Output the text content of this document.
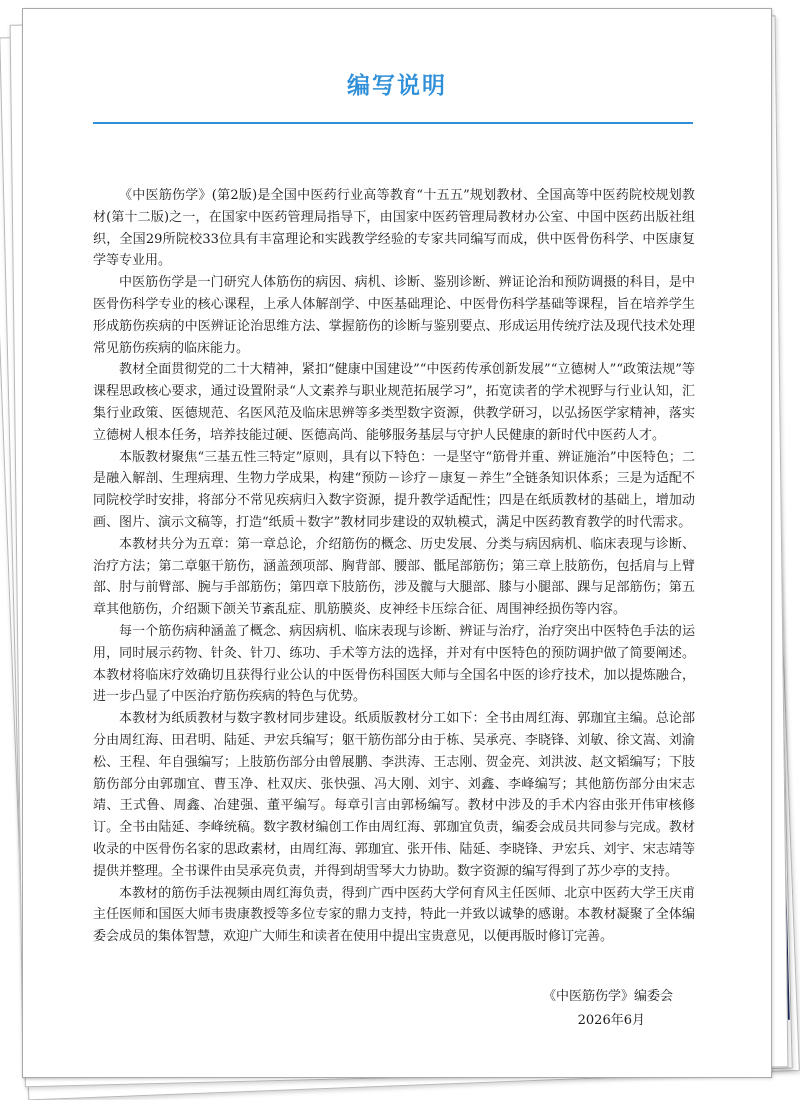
编写说明

《中医筋伤学》(第2版)是全国中医药行业高等教育“十五五”规划教材、全国高等中医药院校规划教材(第十二版)之一，在国家中医药管理局指导下，由国家中医药管理局教材办公室、中国中医药出版社组织，全国29所院校33位具有丰富理论和实践教学经验的专家共同编写而成，供中医骨伤科学、中医康复学等专业用。

中医筋伤学是一门研究人体筋伤的病因、病机、诊断、鉴别诊断、辨证论治和预防调摄的科目，是中医骨伤科学专业的核心课程，上承人体解剖学、中医基础理论、中医骨伤科学基础等课程，旨在培养学生形成筋伤疾病的中医辨证论治思维方法、掌握筋伤的诊断与鉴别要点、形成运用传统疗法及现代技术处理常见筋伤疾病的临床能力。

教材全面贯彻党的二十大精神，紧扣“健康中国建设”“中医药传承创新发展”“立德树人”“政策法规”等课程思政核心要求，通过设置附录“人文素养与职业规范拓展学习”，拓宽读者的学术视野与行业认知，汇集行业政策、医德规范、名医风范及临床思辨等多类型数字资源，供教学研习，以弘扬医学家精神，落实立德树人根本任务，培养技能过硬、医德高尚、能够服务基层与守护人民健康的新时代中医药人才。

本版教材聚焦“三基五性三特定”原则，具有以下特色：一是坚守“筋骨并重、辨证施治”中医特色；二是融入解剖、生理病理、生物力学成果，构建“预防－诊疗－康复－养生”全链条知识体系；三是为适配不同院校学时安排，将部分不常见疾病归入数字资源，提升教学适配性；四是在纸质教材的基础上，增加动画、图片、演示文稿等，打造“纸质＋数字”教材同步建设的双轨模式，满足中医药教育教学的时代需求。

本教材共分为五章：第一章总论，介绍筋伤的概念、历史发展、分类与病因病机、临床表现与诊断、治疗方法；第二章躯干筋伤，涵盖颈项部、胸背部、腰部、骶尾部筋伤；第三章上肢筋伤，包括肩与上臂部、肘与前臂部、腕与手部筋伤；第四章下肢筋伤，涉及髋与大腿部、膝与小腿部、踝与足部筋伤；第五章其他筋伤，介绍颞下颌关节紊乱症、肌筋膜炎、皮神经卡压综合征、周围神经损伤等内容。

每一个筋伤病种涵盖了概念、病因病机、临床表现与诊断、辨证与治疗，治疗突出中医特色手法的运用，同时展示药物、针灸、针刀、练功、手术等方法的选择，并对有中医特色的预防调护做了简要阐述。本教材将临床疗效确切且获得行业公认的中医骨伤科国医大师与全国名中医的诊疗技术，加以提炼融合，进一步凸显了中医治疗筋伤疾病的特色与优势。

本教材为纸质教材与数字教材同步建设。纸质版教材分工如下：全书由周红海、郭珈宜主编。总论部分由周红海、田君明、陆延、尹宏兵编写；躯干筋伤部分由于栋、吴承亮、李晓锋、刘敏、徐文嵩、刘渝松、王程、年自强编写；上肢筋伤部分由曾展鹏、李洪涛、王志刚、贺金亮、刘洪波、赵文韬编写；下肢筋伤部分由郭珈宜、曹玉净、杜双庆、张快强、冯大刚、刘宇、刘鑫、李峰编写；其他筋伤部分由宋志靖、王式鲁、周鑫、冶建强、董平编写。每章引言由郭杨编写。教材中涉及的手术内容由张开伟审核修订。全书由陆延、李峰统稿。数字教材编创工作由周红海、郭珈宜负责，编委会成员共同参与完成。教材收录的中医骨伤名家的思政素材，由周红海、郭珈宜、张开伟、陆延、李晓锋、尹宏兵、刘宇、宋志靖等提供并整理。全书课件由吴承亮负责，并得到胡雪琴大力协助。数字资源的编写得到了苏少亭的支持。

本教材的筋伤手法视频由周红海负责，得到广西中医药大学何育风主任医师、北京中医药大学王庆甫主任医师和国医大师韦贵康教授等多位专家的鼎力支持，特此一并致以诚挚的感谢。本教材凝聚了全体编委会成员的集体智慧，欢迎广大师生和读者在使用中提出宝贵意见，以便再版时修订完善。

《中医筋伤学》编委会
2026年6月
